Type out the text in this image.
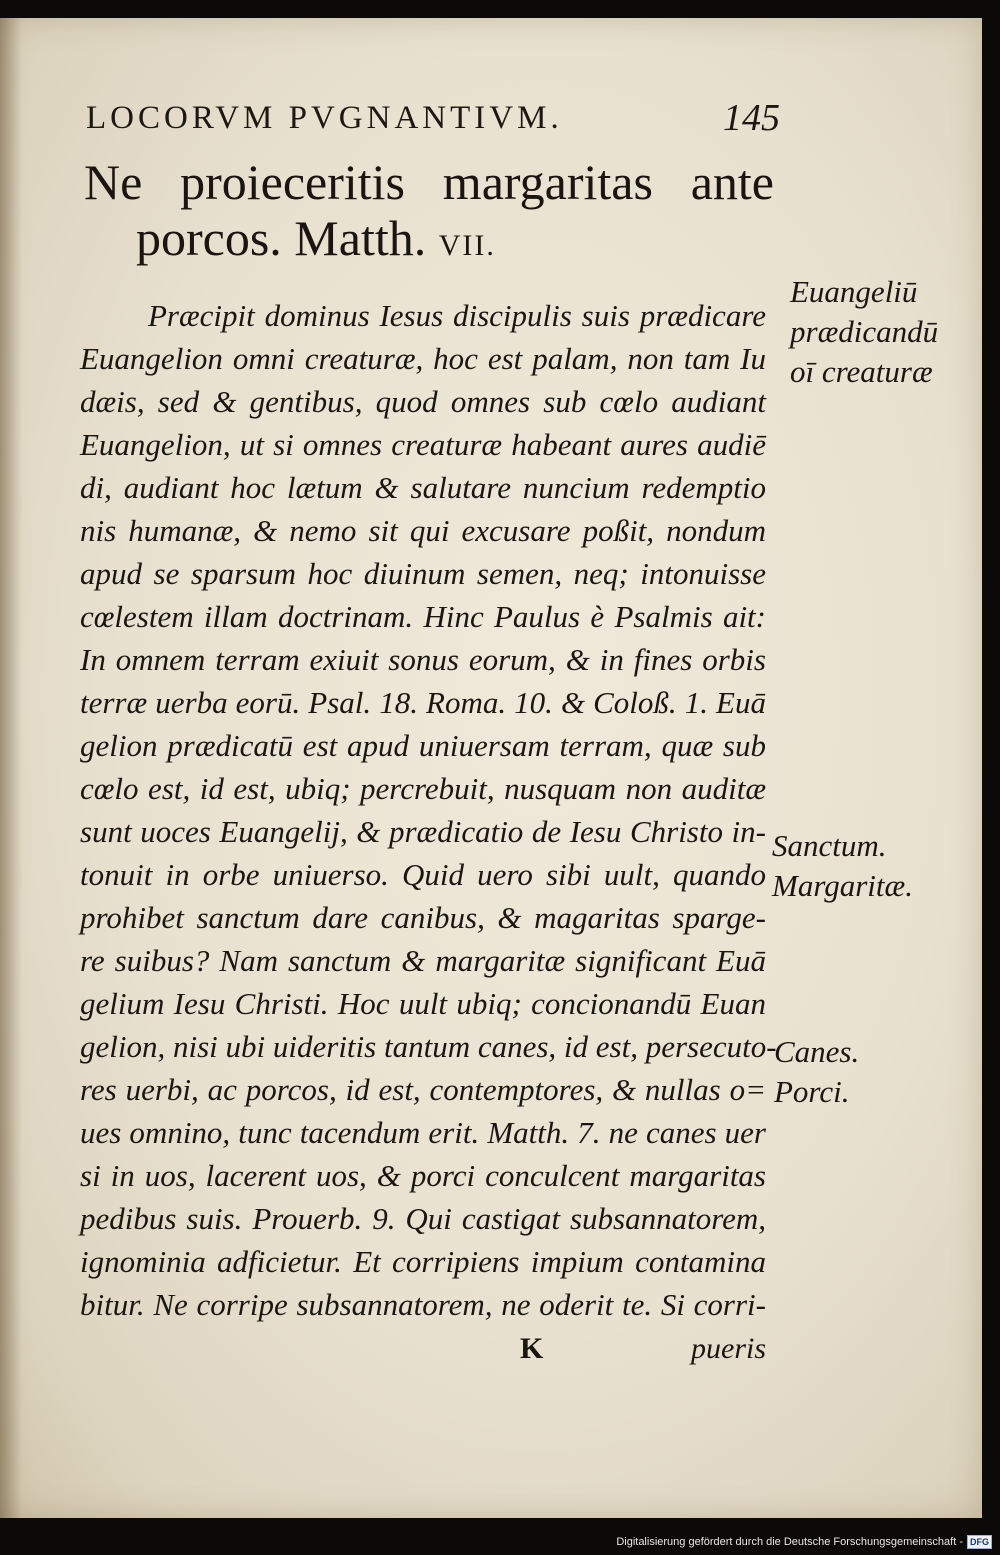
LOCORVM PVGNANTIVM.	145
Ne proieceritis margaritas ante
porcos. Matth. VII.
Præcipit dominus Iesus discipulis suis prædicare
Euangelion omni creaturæ, hoc est palam, non tam Iu
dæis, sed & gentibus, quod omnes sub cœlo audiant
Euangelion, ut si omnes creaturæ habeant aures audiē
di, audiant hoc lætum & salutare nuncium redemptio
nis humanæ, & nemo sit qui excusare poßit, nondum
apud se sparsum hoc diuinum semen, neq; intonuisse
cœlestem illam doctrinam. Hinc Paulus è Psalmis ait:
In omnem terram exiuit sonus eorum, & in fines orbis
terræ uerba eorū. Psal. 18. Roma. 10. & Coloß. 1. Euā
gelion prædicatū est apud uniuersam terram, quæ sub
cœlo est, id est, ubiq; percrebuit, nusquam non auditæ
sunt uoces Euangelij, & prædicatio de Iesu Christo in-
tonuit in orbe uniuerso. Quid uero sibi uult, quando
prohibet sanctum dare canibus, & magaritas sparge-
re suibus? Nam sanctum & margaritæ significant Euā
gelium Iesu Christi. Hoc uult ubiq; concionandū Euan
gelion, nisi ubi uideritis tantum canes, id est, persecuto-
res uerbi, ac porcos, id est, contemptores, & nullas o=
ues omnino, tunc tacendum erit. Matth. 7. ne canes uer
si in uos, lacerent uos, & porci conculcent margaritas
pedibus suis. Prouerb. 9. Qui castigat subsannatorem,
ignominia adficietur. Et corripiens impium contamina
bitur. Ne corripe subsannatorem, ne oderit te. Si corri-
K	pueris
Euangeliū
prædicandū
oī creaturæ
Sanctum.
Margaritæ.
Canes.
Porci.
Digitalisierung gefördert durch die Deutsche Forschungsgemeinschaft - DFG
